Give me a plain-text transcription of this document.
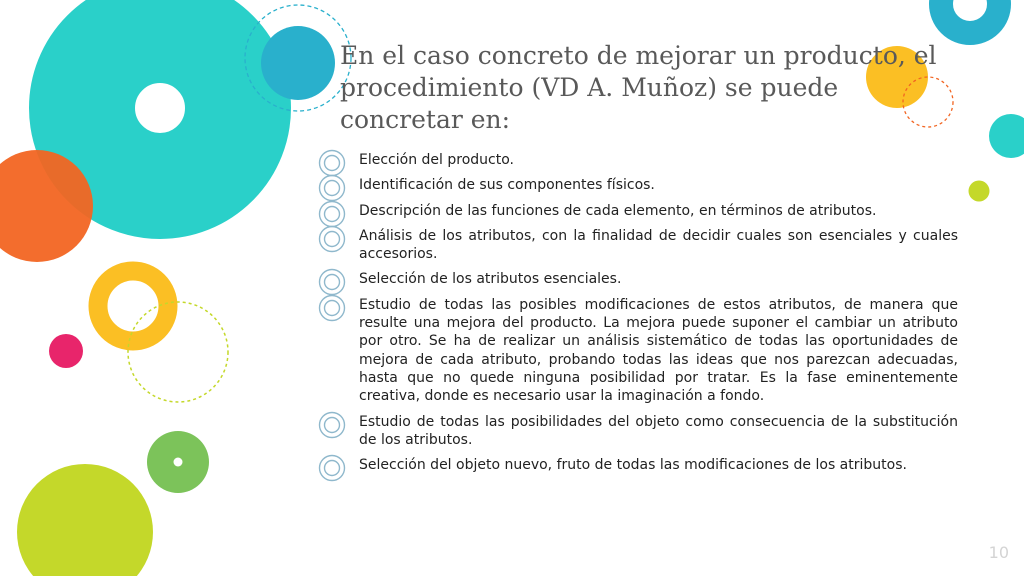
En el caso concreto de mejorar un producto, el procedimiento (VD A. Muñoz) se puede concretar en:
Elección del producto.
Identificación de sus componentes físicos.
Descripción de las funciones de cada elemento, en términos de atributos.
Análisis de los atributos, con la finalidad de decidir cuales son esenciales y cuales accesorios.
Selección de los atributos esenciales.
Estudio de todas las posibles modificaciones de estos atributos, de manera que resulte una mejora del producto. La mejora puede suponer el cambiar un atributo por otro. Se ha de realizar un análisis sistemático de todas las oportunidades de mejora de cada atributo, probando todas las ideas que nos parezcan adecuadas, hasta que no quede ninguna posibilidad por tratar. Es la fase eminentemente creativa, donde es necesario usar la imaginación a fondo.
Estudio de todas las posibilidades del objeto como consecuencia de la substitución de los atributos.
Selección del objeto nuevo, fruto de todas las modificaciones de los atributos.
10
